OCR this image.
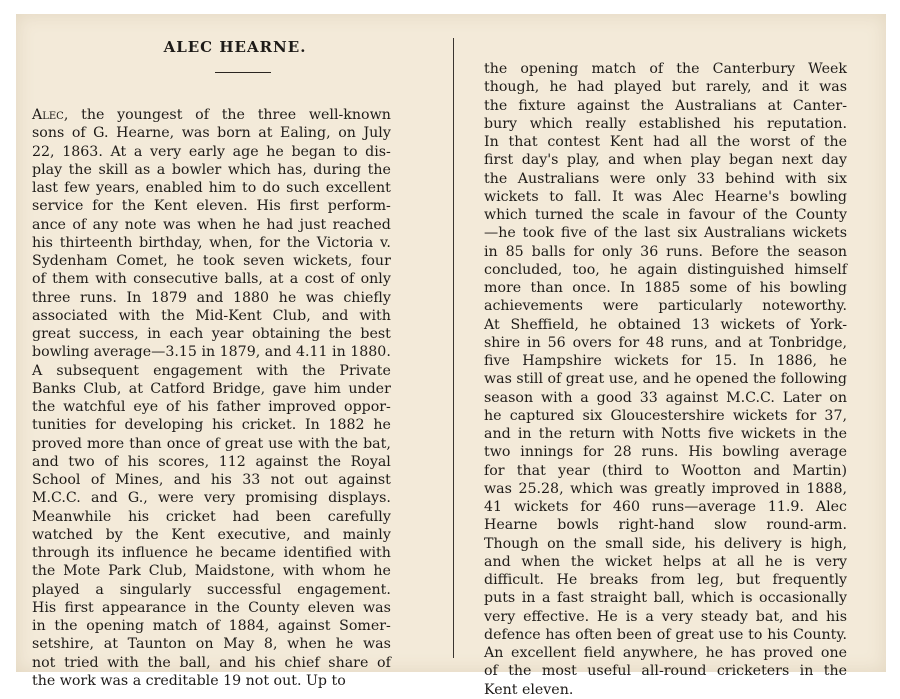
ALEC HEARNE.
Alec, the youngest of the three well-known
sons of G. Hearne, was born at Ealing, on July
22, 1863. At a very early age he began to dis-
play the skill as a bowler which has, during the
last few years, enabled him to do such excellent
service for the Kent eleven. His first perform-
ance of any note was when he had just reached
his thirteenth birthday, when, for the Victoria v.
Sydenham Comet, he took seven wickets, four
of them with consecutive balls, at a cost of only
three runs. In 1879 and 1880 he was chiefly
associated with the Mid-Kent Club, and with
great success, in each year obtaining the best
bowling average—3.15 in 1879, and 4.11 in 1880.
A subsequent engagement with the Private
Banks Club, at Catford Bridge, gave him under
the watchful eye of his father improved oppor-
tunities for developing his cricket. In 1882 he
proved more than once of great use with the bat,
and two of his scores, 112 against the Royal
School of Mines, and his 33 not out against
M.C.C. and G., were very promising displays.
Meanwhile his cricket had been carefully
watched by the Kent executive, and mainly
through its influence he became identified with
the Mote Park Club, Maidstone, with whom he
played a singularly successful engagement.
His first appearance in the County eleven was
in the opening match of 1884, against Somer-
setshire, at Taunton on May 8, when he was
not tried with the ball, and his chief share of
the work was a creditable 19 not out. Up to
the opening match of the Canterbury Week
though, he had played but rarely, and it was
the fixture against the Australians at Canter-
bury which really established his reputation.
In that contest Kent had all the worst of the
first day's play, and when play began next day
the Australians were only 33 behind with six
wickets to fall. It was Alec Hearne's bowling
which turned the scale in favour of the County
—he took five of the last six Australians wickets
in 85 balls for only 36 runs. Before the season
concluded, too, he again distinguished himself
more than once. In 1885 some of his bowling
achievements were particularly noteworthy.
At Sheffield, he obtained 13 wickets of York-
shire in 56 overs for 48 runs, and at Tonbridge,
five Hampshire wickets for 15. In 1886, he
was still of great use, and he opened the following
season with a good 33 against M.C.C. Later on
he captured six Gloucestershire wickets for 37,
and in the return with Notts five wickets in the
two innings for 28 runs. His bowling average
for that year (third to Wootton and Martin)
was 25.28, which was greatly improved in 1888,
41 wickets for 460 runs—average 11.9. Alec
Hearne bowls right-hand slow round-arm.
Though on the small side, his delivery is high,
and when the wicket helps at all he is very
difficult. He breaks from leg, but frequently
puts in a fast straight ball, which is occasionally
very effective. He is a very steady bat, and his
defence has often been of great use to his County.
An excellent field anywhere, he has proved one
of the most useful all-round cricketers in the
Kent eleven.
